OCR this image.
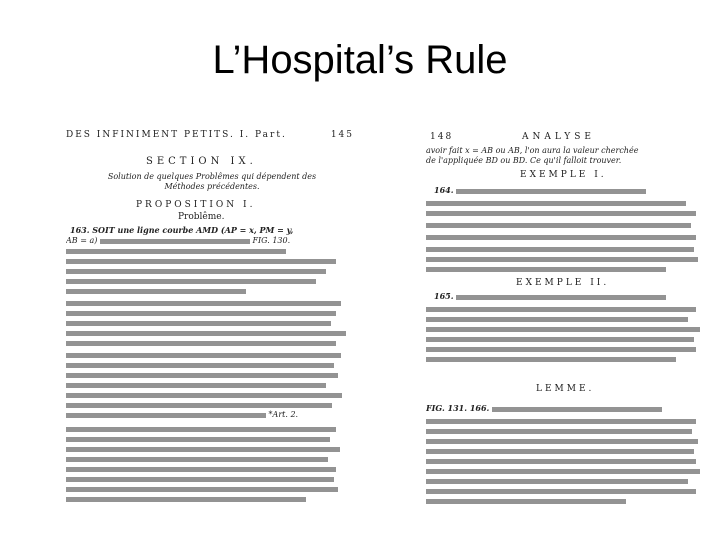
L’Hospital’s Rule
DES INFINIMENT PETITS. I. Part.	145
SECTION IX.
Solution de quelques Problêmes qui dépendent des
Méthodes précédentes.
PROPOSITION I.
Problême.
163. SOIT une ligne courbe AMD (AP = x, PM = y,
AB = a)	FIG. 130.
*Art. 2.
148	ANALYSE
avoir fait x = AB ou AB, l'on aura la valeur cherchée
de l'appliquée BD ou BD. Ce qu'il falloit trouver.
EXEMPLE I.
164.
EXEMPLE II.
165.
LEMME.
FIG. 131. 166.
